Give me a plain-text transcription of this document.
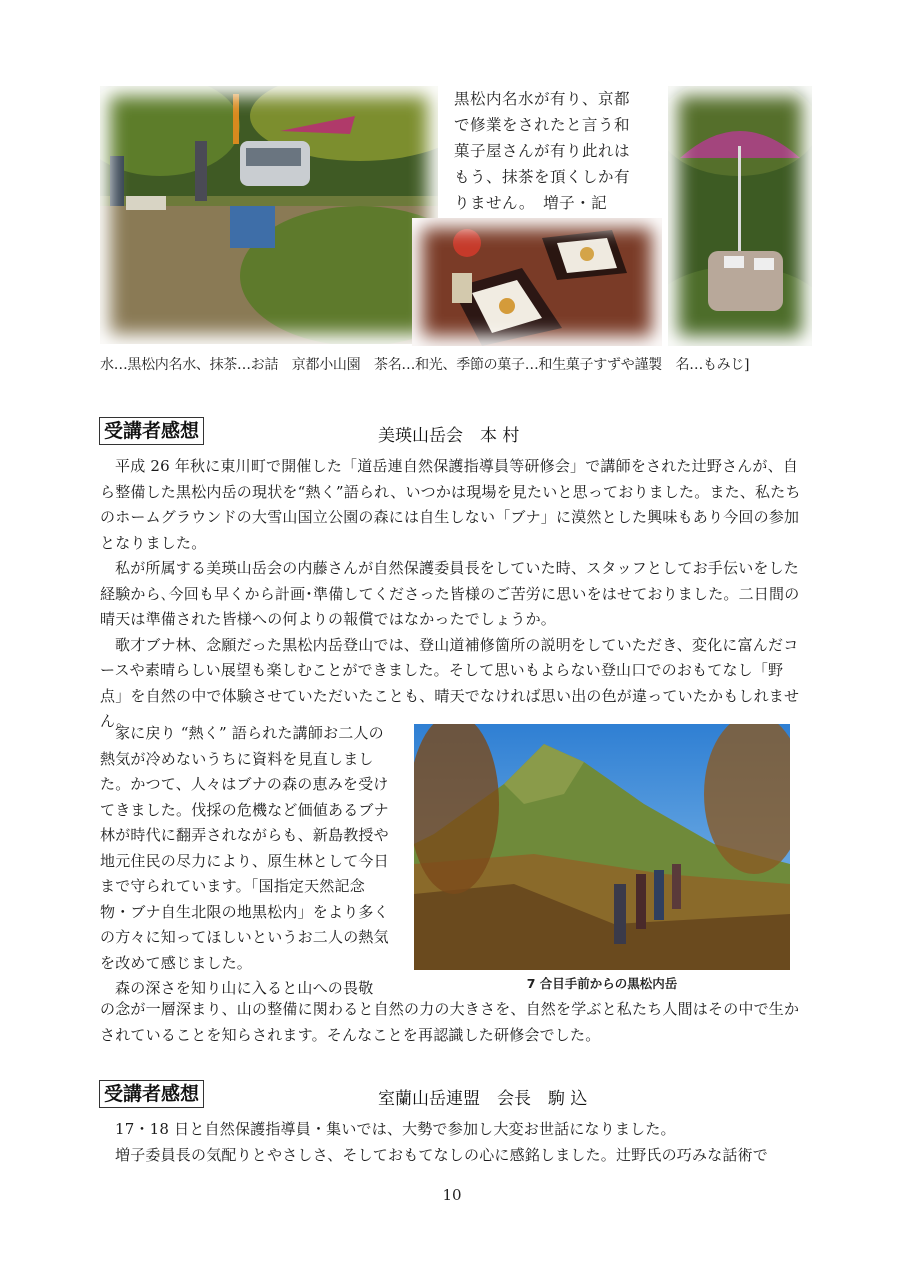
黒松内名水が有り、京都
で修業をされたと言う和
菓子屋さんが有り此れは
もう、抹茶を頂くしか有
りません。　増子・記
水…黒松内名水、抹茶…お詰　京都小山園　茶名…和光、季節の菓子…和生菓子すずや謹製　名…もみじ]
受講者感想	美瑛山岳会　本 村

平成 26 年秋に東川町で開催した「道岳連自然保護指導員等研修会」で講師をされた辻野さんが、自ら整備した黒松内岳の現状を“熱く”語られ、いつかは現場を見たいと思っておりました。また、私たちのホームグラウンドの大雪山国立公園の森には自生しない「ブナ」に漠然とした興味もあり今回の参加となりました。

私が所属する美瑛山岳会の内藤さんが自然保護委員長をしていた時、スタッフとしてお手伝いをした経験から､今回も早くから計画･準備してくださった皆様のご苦労に思いをはせておりました。二日間の晴天は準備された皆様への何よりの報償ではなかったでしょうか。

歌才ブナ林、念願だった黒松内岳登山では、登山道補修箇所の説明をしていただき、変化に富んだコースや素晴らしい展望も楽しむことができました。そして思いもよらない登山口でのおもてなし「野点」を自然の中で体験させていただいたことも、晴天でなければ思い出の色が違っていたかもしれません。

家に戻り “熱く” 語られた講師お二人の熱気が冷めないうちに資料を見直しました。かつて、人々はブナの森の恵みを受けてきました。伐採の危機など価値あるブナ林が時代に翻弄されながらも、新島教授や地元住民の尽力により、原生林として今日まで守られています。「国指定天然記念物・ブナ自生北限の地黒松内」をより多くの方々に知ってほしいというお二人の熱気を改めて感じました。

森の深さを知り山に入ると山への畏敬	7 合目手前からの黒松内岳

の念が一層深まり、山の整備に関わると自然の力の大きさを、自然を学ぶと私たち人間はその中で生かされていることを知らされます。そんなことを再認識した研修会でした。

受講者感想	室蘭山岳連盟　会長　駒 込

17・18 日と自然保護指導員・集いでは、大勢で参加し大変お世話になりました。

増子委員長の気配りとやさしさ、そしておもてなしの心に感銘しました。辻野氏の巧みな話術で

10
